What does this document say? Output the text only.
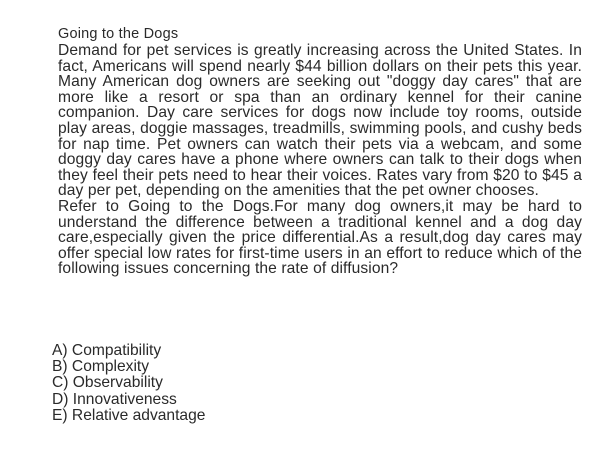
Going to the Dogs

Demand for pet services is greatly increasing across the United States. In fact, Americans will spend nearly $44 billion dollars on their pets this year. Many American dog owners are seeking out "doggy day cares" that are more like a resort or spa than an ordinary kennel for their canine companion. Day care services for dogs now include toy rooms, outside play areas, doggie massages, treadmills, swimming pools, and cushy beds for nap time. Pet owners can watch their pets via a webcam, and some doggy day cares have a phone where owners can talk to their dogs when they feel their pets need to hear their voices. Rates vary from $20 to $45 a day per pet, depending on the amenities that the pet owner chooses.

Refer to Going to the Dogs.For many dog owners,it may be hard to understand the difference between a traditional kennel and a dog day care,especially given the price differential.As a result,dog day cares may offer special low rates for first-time users in an effort to reduce which of the following issues concerning the rate of diffusion?

A) Compatibility
B) Complexity
C) Observability
D) Innovativeness
E) Relative advantage
